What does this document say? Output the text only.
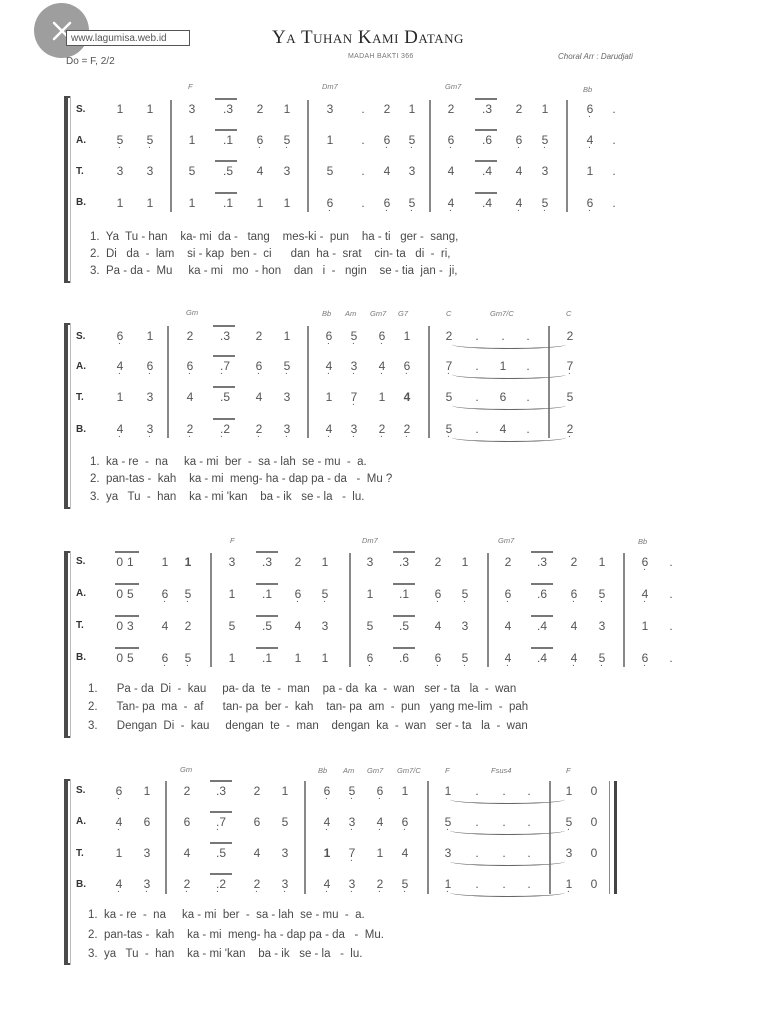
www.lagumisa.web.id	Ya Tuhan Kami Datang
MADAH BAKTI 366
Do = F, 2/2	Choral Arr : Darudjati
F	Dm7	Gm7	Bb
S.
A.
T.
B.
1	1	3	.3	2	1	3	.	2	1	2	.3	2	1	6 .	.
5 .	5 .	1	.1	6 .	5 .	1	.	6 .	5 .	6 .	.6	6 .	5 .	4 .	.
3	3	5	.5	4	3	5	.	4	3	4	.4	4	3	1	.
1	1	1	.1	1	1	6 .	.	6 .	5 .	4 .	.4	4 .	5 .	6 .	.
1.  Ya  Tu - han    ka- mi  da -   tang    mes-ki -  pun    ha - ti   ger -  sang,
2.  Di   da  -  lam    si - kap  ben -  ci      dan  ha -  srat    cin- ta   di  -  ri,
3.  Pa - da -  Mu     ka - mi   mo  - hon    dan   i  -   ngin    se - tia  jan -  ji,
Gm	Bb Am Gm7 G7	C	Gm7/C	C
S.
A.
T.
B.
6 .	1	2	.3	2	1	6 .	5 .	6 .	1	2	.	.	.	2
4 .	6 .	6 .	.7 .	6 .	5 .	4 .	3 .	4 .	6 .	7 .	.	1	.	7 .
1	3	4	.5	4	3	1	7 .	1	4	5	.	6	.	5
4 .	3 .	2 .	.2 .	2 .	3 .	4 .	3 .	2 .	2 .	5 .	.	4	.	2 .
1.  ka - re  -  na     ka - mi  ber  -  sa - lah  se - mu  -  a.
2.  pan-tas -  kah    ka - mi  meng- ha - dap pa - da   -  Mu ?
3.  ya   Tu  -  han    ka - mi 'kan    ba - ik   se - la   -  lu.
F	Dm7	Gm7	Bb
S.
A.
T.
B.
01	1	1	3	.3	2	1	3	.3	2	1	2	.3	2	1	6 .	.
05	6 .	5 .	1	.1	6 .	5 .	1	.1	6 .	5 .	6 .	.6	6 .	5 .	4 .	.
03	4	2	5	.5	4	3	5	.5	4	3	4	.4	4	3	1	.
05	6 .	5 .	1	.1	1	1	6 .	.6	6 .	5 .	4 .	.4	4 .	5 .	6 .	.
1.      Pa - da  Di  -  kau     pa- da  te  -  man    pa - da  ka  -  wan   ser - ta   la  -  wan
2.      Tan- pa  ma  -  af      tan- pa  ber -  kah    tan- pa  am  -  pun   yang me-lim  -  pah
3.      Dengan  Di  -  kau     dengan  te  -  man    dengan  ka  -  wan   ser - ta   la  -  wan
Gm	Bb Am Gm7 Gm7/C	F	Fsus4	F
S.
A.
T.
B.
6 .	1	2	.3	2	1	6 .	5 .	6 .	1	1	.	.	.	1	0
4 .	6	6	.7 .	6	5	4 .	3 .	4 .	6 .	5 .	.	.	.	5 .	0
1	3	4	.5	4	3	1	7 .	1	4	3	.	.	.	3	0
4 .	3 .	2 .	.2 .	2 .	3 .	4 .	3 .	2 .	5 .	1 .	.	.	.	1 .	0
1.  ka - re  -  na     ka - mi  ber  -  sa - lah  se - mu  -  a.
2.  pan-tas -  kah    ka - mi  meng- ha - dap pa - da   -  Mu.
3.  ya   Tu  -  han    ka - mi 'kan    ba - ik   se - la   -  lu.
